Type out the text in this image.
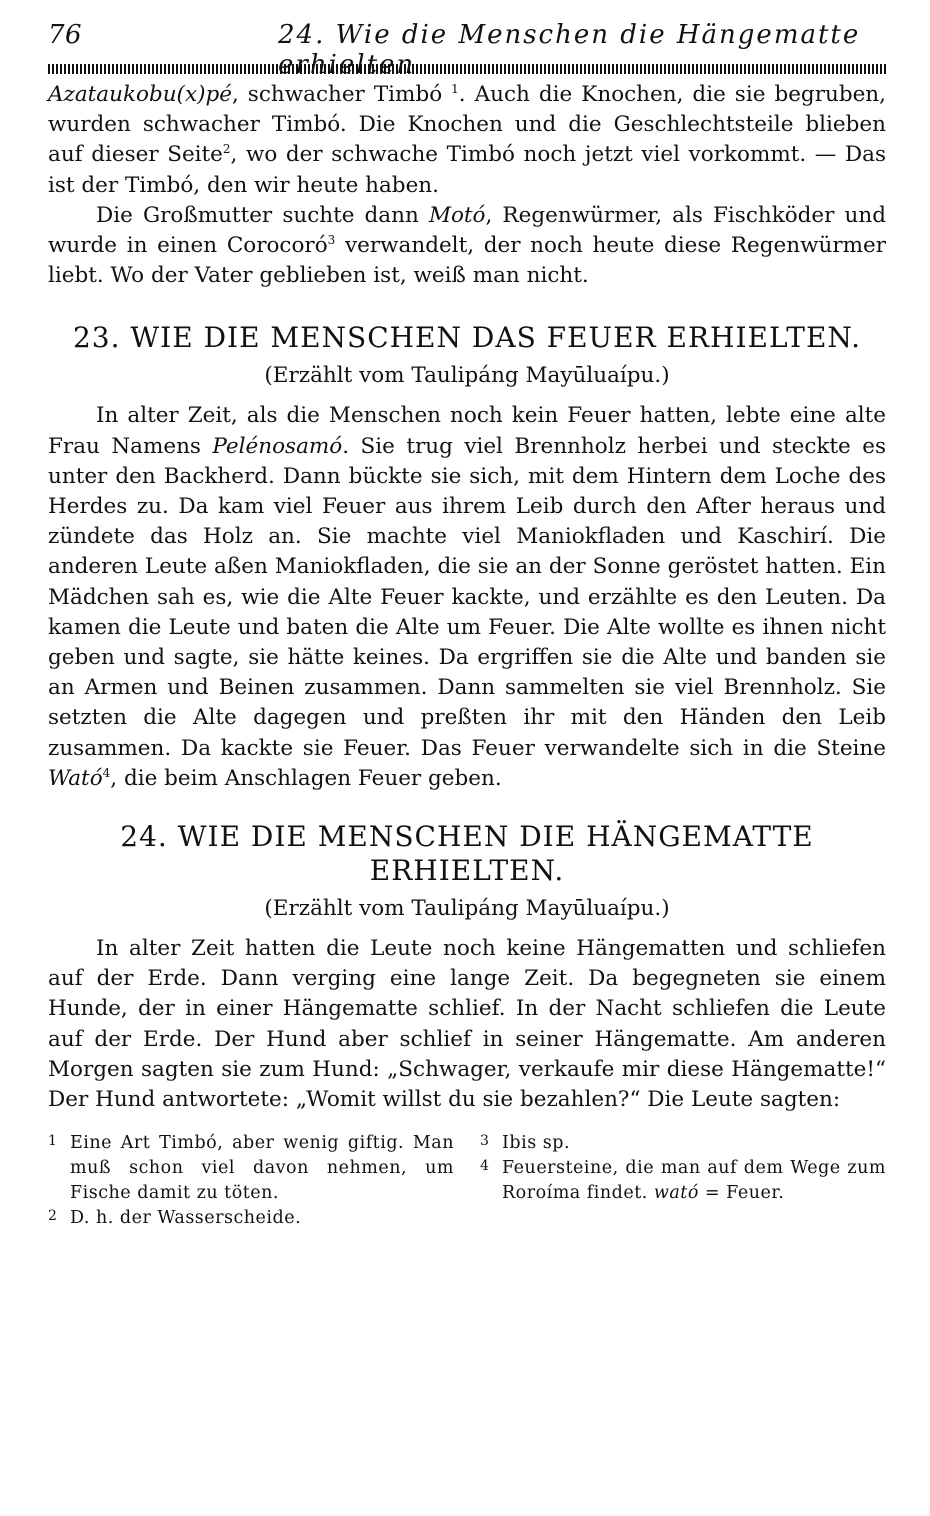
76	24. Wie die Menschen die Hängematte erhielten

Azataukobu(x)pé, schwacher Timbó $^1$. Auch die Knochen, die sie begruben, wurden schwacher Timbó. Die Knochen und die Geschlechtsteile blieben auf dieser Seite$^2$, wo der schwache Timbó noch jetzt viel vorkommt. — Das ist der Timbó, den wir heute haben.

Die Großmutter suchte dann Motó, Regenwürmer, als Fischköder und wurde in einen Corocoró$^3$ verwandelt, der noch heute diese Regenwürmer liebt. Wo der Vater geblieben ist, weiß man nicht.

23. WIE DIE MENSCHEN DAS FEUER ERHIELTEN.
(Erzählt vom Taulipáng Mayūluaípu.)

In alter Zeit, als die Menschen noch kein Feuer hatten, lebte eine alte Frau Namens Pelénosamó. Sie trug viel Brennholz herbei und steckte es unter den Backherd. Dann bückte sie sich, mit dem Hintern dem Loche des Herdes zu. Da kam viel Feuer aus ihrem Leib durch den After heraus und zündete das Holz an. Sie machte viel Maniokfladen und Kaschirí. Die anderen Leute aßen Maniokfladen, die sie an der Sonne geröstet hatten. Ein Mädchen sah es, wie die Alte Feuer kackte, und erzählte es den Leuten. Da kamen die Leute und baten die Alte um Feuer. Die Alte wollte es ihnen nicht geben und sagte, sie hätte keines. Da ergriffen sie die Alte und banden sie an Armen und Beinen zusammen. Dann sammelten sie viel Brennholz. Sie setzten die Alte dagegen und preßten ihr mit den Händen den Leib zusammen. Da kackte sie Feuer. Das Feuer verwandelte sich in die Steine Wató$^4$, die beim Anschlagen Feuer geben.

24. WIE DIE MENSCHEN DIE HÄNGEMATTE
ERHIELTEN.
(Erzählt vom Taulipáng Mayūluaípu.)

In alter Zeit hatten die Leute noch keine Hängematten und schliefen auf der Erde. Dann verging eine lange Zeit. Da begegneten sie einem Hunde, der in einer Hängematte schlief. In der Nacht schliefen die Leute auf der Erde. Der Hund aber schlief in seiner Hängematte. Am anderen Morgen sagten sie zum Hund: „Schwager, verkaufe mir diese Hängematte!“ Der Hund antwortete: „Womit willst du sie bezahlen?“ Die Leute sagten:

1 Eine Art Timbó, aber wenig giftig. Man muß schon viel davon nehmen, um Fische damit zu töten.
2 D. h. der Wasserscheide.
3 Ibis sp.
4 Feuersteine, die man auf dem Wege zum Roroíma findet. wató = Feuer.
